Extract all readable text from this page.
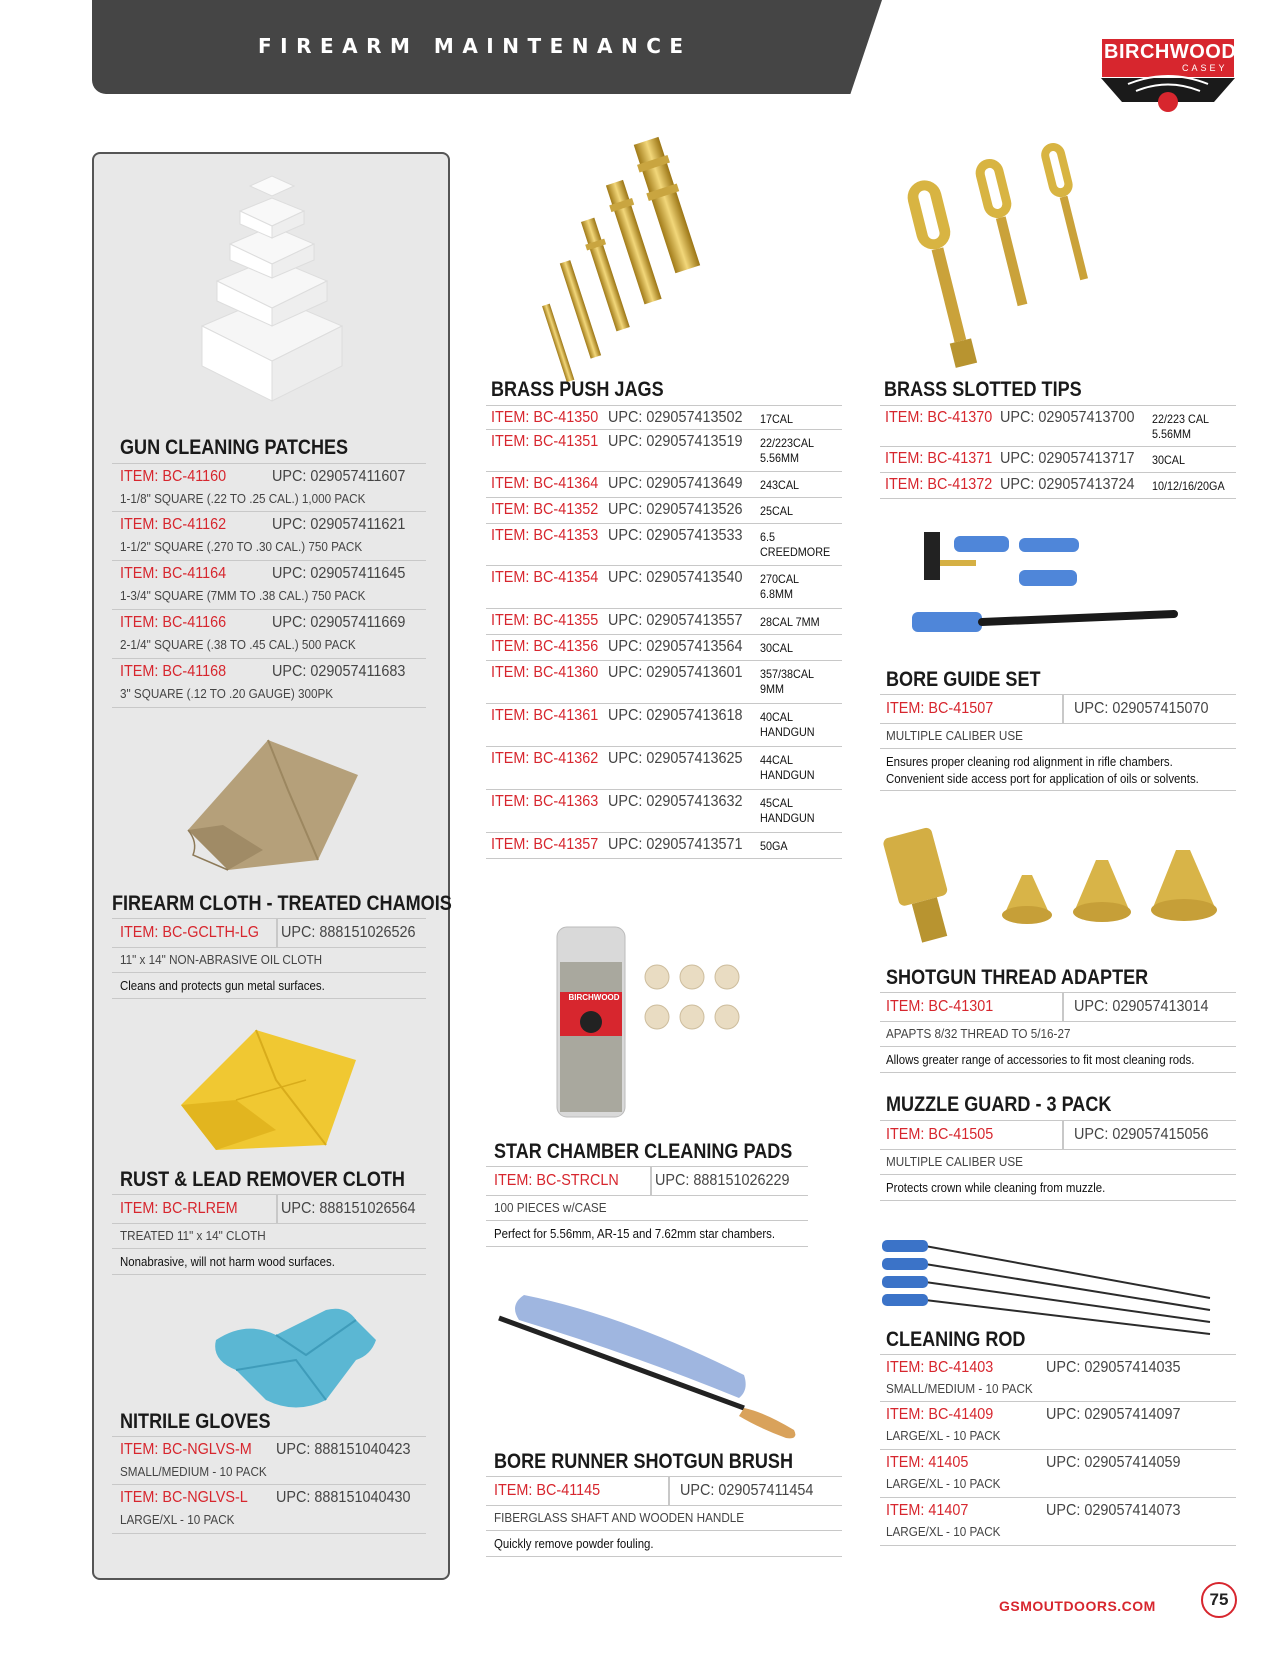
FIREARM MAINTENANCE	BIRCHWOOD
CASEY
GUN CLEANING PATCHES
ITEM: BC-41160	UPC: 029057411607
1-1/8" SQUARE (.22 TO .25 CAL.) 1,000 PACK
ITEM: BC-41162	UPC: 029057411621
1-1/2" SQUARE (.270 TO .30 CAL.) 750 PACK
ITEM: BC-41164	UPC: 029057411645
1-3/4" SQUARE (7MM TO .38 CAL.) 750 PACK
ITEM: BC-41166	UPC: 029057411669
2-1/4" SQUARE (.38 TO .45 CAL.) 500 PACK
ITEM: BC-41168	UPC: 029057411683
3" SQUARE (.12 TO .20 GAUGE) 300PK
FIREARM CLOTH - TREATED CHAMOIS
ITEM: BC-GCLTH-LG UPC: 888151026526
11" x 14" NON-ABRASIVE OIL CLOTH
Cleans and protects gun metal surfaces.
RUST & LEAD REMOVER CLOTH
ITEM: BC-RLREM	UPC: 888151026564
TREATED 11" x 14" CLOTH
Nonabrasive, will not harm wood surfaces.
NITRILE GLOVES
ITEM: BC-NGLVS-M UPC: 888151040423
SMALL/MEDIUM - 10 PACK
ITEM: BC-NGLVS-L UPC: 888151040430
LARGE/XL - 10 PACK
BRASS PUSH JAGS
ITEM: BC-41350 UPC: 029057413502 17CAL
ITEM: BC-41351 UPC: 029057413519 22/223CAL
5.56MM
ITEM: BC-41364 UPC: 029057413649 243CAL
ITEM: BC-41352 UPC: 029057413526 25CAL
ITEM: BC-41353 UPC: 029057413533 6.5
CREEDMORE
ITEM: BC-41354 UPC: 029057413540 270CAL
6.8MM
ITEM: BC-41355 UPC: 029057413557 28CAL 7MM
ITEM: BC-41356 UPC: 029057413564 30CAL
ITEM: BC-41360 UPC: 029057413601 357/38CAL
9MM
ITEM: BC-41361 UPC: 029057413618 40CAL
HANDGUN
ITEM: BC-41362 UPC: 029057413625 44CAL
HANDGUN
ITEM: BC-41363 UPC: 029057413632 45CAL
HANDGUN
ITEM: BC-41357 UPC: 029057413571 50GA
BIRCHWOOD
STAR CHAMBER CLEANING PADS
ITEM: BC-STRCLN UPC: 888151026229
100 PIECES w/CASE
Perfect for 5.56mm, AR-15 and 7.62mm star chambers.
BORE RUNNER SHOTGUN BRUSH
ITEM: BC-41145	UPC: 029057411454
FIBERGLASS SHAFT AND WOODEN HANDLE
Quickly remove powder fouling.
BRASS SLOTTED TIPS
ITEM: BC-41370 UPC: 029057413700 22/223 CAL
5.56MM
ITEM: BC-41371 UPC: 029057413717 30CAL
ITEM: BC-41372 UPC: 029057413724 10/12/16/20GA
BORE GUIDE SET
ITEM: BC-41507	UPC: 029057415070
MULTIPLE CALIBER USE
Ensures proper cleaning rod alignment in rifle chambers.
Convenient side access port for application of oils or solvents.
SHOTGUN THREAD ADAPTER
ITEM: BC-41301	UPC: 029057413014
APAPTS 8/32 THREAD TO 5/16-27
Allows greater range of accessories to fit most cleaning rods.
MUZZLE GUARD - 3 PACK
ITEM: BC-41505	UPC: 029057415056
MULTIPLE CALIBER USE
Protects crown while cleaning from muzzle.
CLEANING ROD
ITEM: BC-41403	UPC: 029057414035
SMALL/MEDIUM - 10 PACK
ITEM: BC-41409	UPC: 029057414097
LARGE/XL - 10 PACK
ITEM: 41405	UPC: 029057414059
LARGE/XL - 10 PACK
ITEM: 41407	UPC: 029057414073
LARGE/XL - 10 PACK
GSMOUTDOORS.COM	75
